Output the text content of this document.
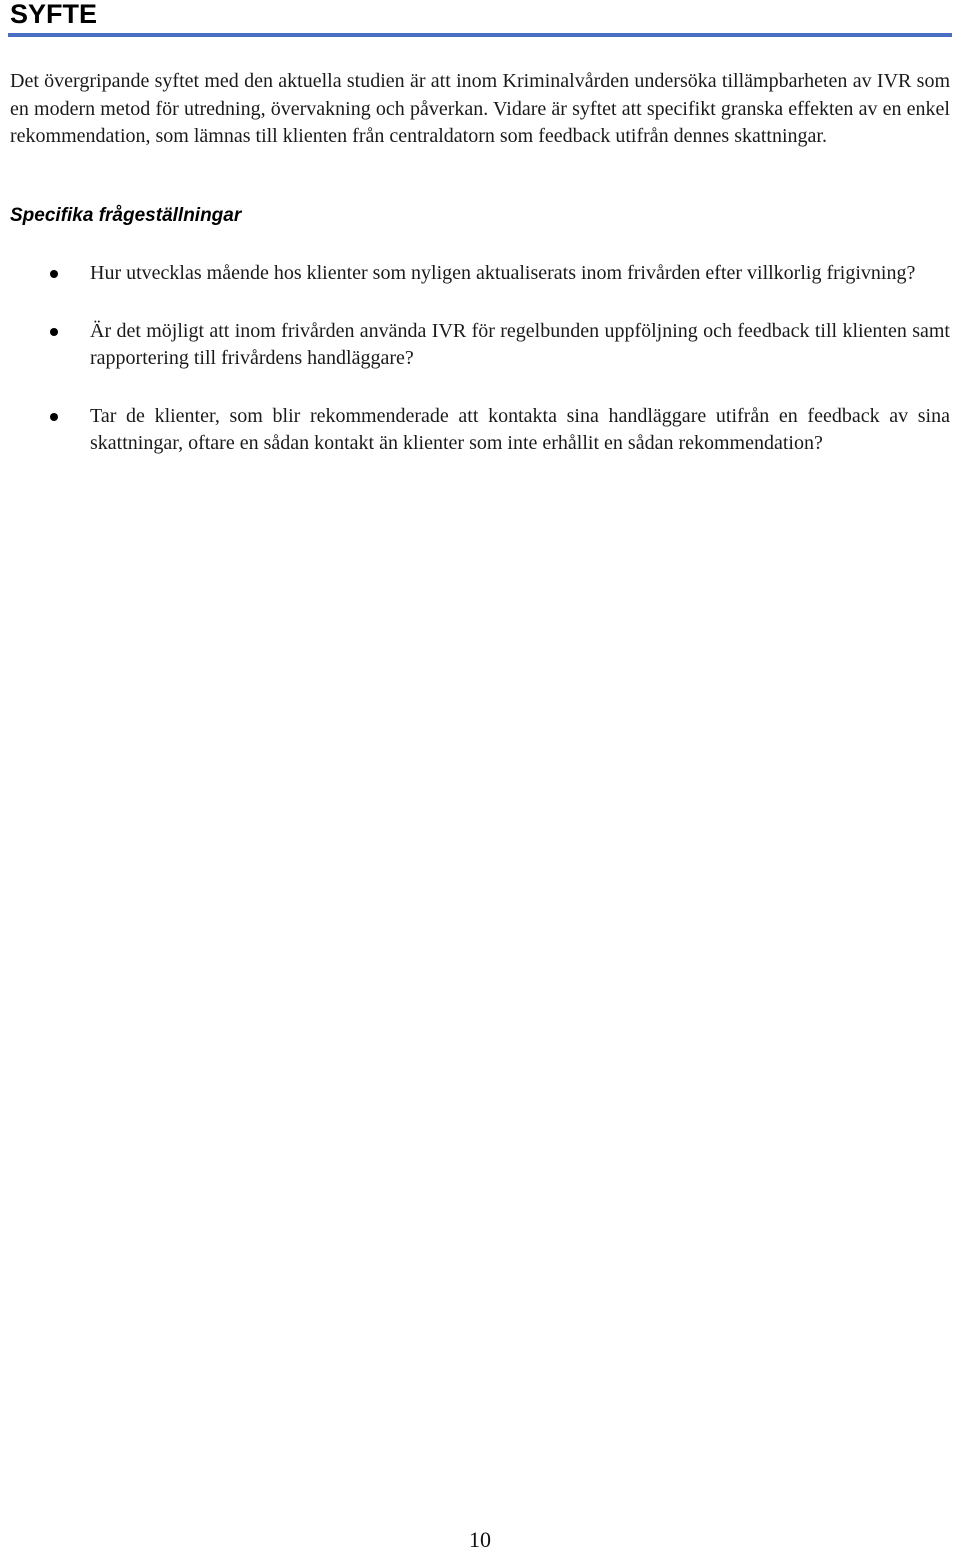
SYFTE

Det övergripande syftet med den aktuella studien är att inom Kriminalvården undersöka tillämpbarheten av IVR som en modern metod för utredning, övervakning och påverkan. Vidare är syftet att specifikt granska effekten av en enkel rekommendation, som lämnas till klienten från centraldatorn som feedback utifrån dennes skattningar.

Specifika frågeställningar
Hur utvecklas mående hos klienter som nyligen aktualiserats inom frivården efter villkorlig frigivning?
Är det möjligt att inom frivården använda IVR för regelbunden uppföljning och feedback till klienten samt rapportering till frivårdens handläggare?
Tar de klienter, som blir rekommenderade att kontakta sina handläggare utifrån en feedback av sina skattningar, oftare en sådan kontakt än klienter som inte erhållit en sådan rekommendation?
10
